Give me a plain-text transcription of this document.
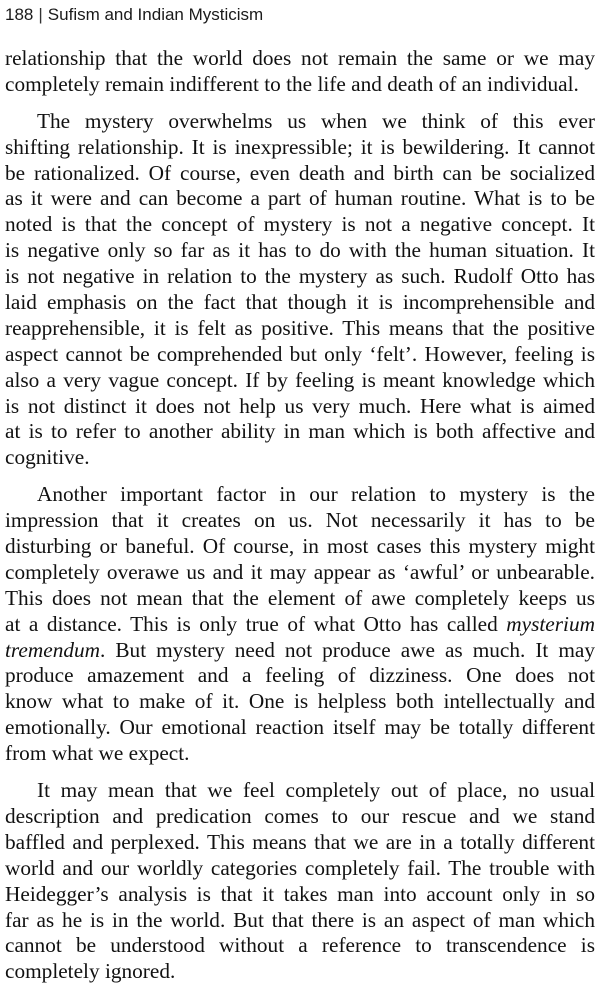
188 | Sufism and Indian Mysticism
relationship that the world does not remain the same or we may
completely remain indifferent to the life and death of an individual.
The mystery overwhelms us when we think of this ever
shifting relationship. It is inexpressible; it is bewildering. It cannot
be rationalized. Of course, even death and birth can be socialized
as it were and can become a part of human routine. What is to be
noted is that the concept of mystery is not a negative concept. It
is negative only so far as it has to do with the human situation. It
is not negative in relation to the mystery as such. Rudolf Otto has
laid emphasis on the fact that though it is incomprehensible and
reapprehensible, it is felt as positive. This means that the positive
aspect cannot be comprehended but only ‘felt’. However, feeling is
also a very vague concept. If by feeling is meant knowledge which
is not distinct it does not help us very much. Here what is aimed
at is to refer to another ability in man which is both affective and
cognitive.
Another important factor in our relation to mystery is the
impression that it creates on us. Not necessarily it has to be
disturbing or baneful. Of course, in most cases this mystery might
completely overawe us and it may appear as ‘awful’ or unbearable.
This does not mean that the element of awe completely keeps us
at a distance. This is only true of what Otto has called mysterium
tremendum. But mystery need not produce awe as much. It may
produce amazement and a feeling of dizziness. One does not
know what to make of it. One is helpless both intellectually and
emotionally. Our emotional reaction itself may be totally different
from what we expect.
It may mean that we feel completely out of place, no usual
description and predication comes to our rescue and we stand
baffled and perplexed. This means that we are in a totally different
world and our worldly categories completely fail. The trouble with
Heidegger’s analysis is that it takes man into account only in so
far as he is in the world. But that there is an aspect of man which
cannot be understood without a reference to transcendence is
completely ignored.
